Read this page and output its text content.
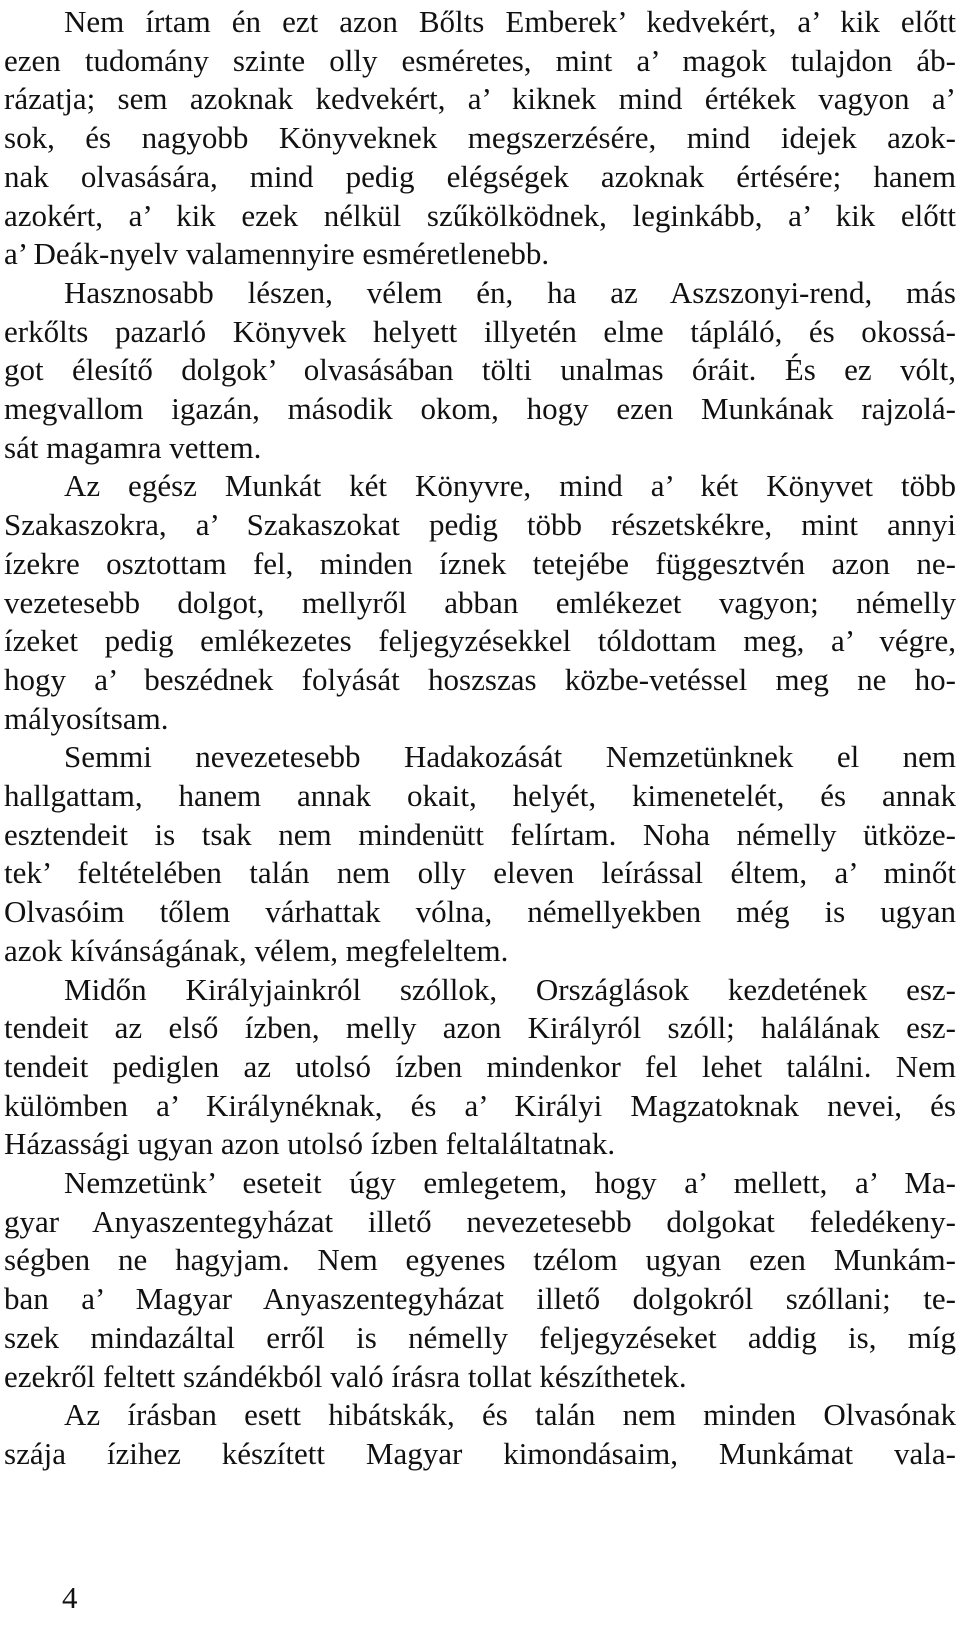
Nem írtam én ezt azon Bőlts Emberek’ kedvekért, a’ kik előtt
ezen tudomány szinte olly esméretes, mint a’ magok tulajdon áb-
rázatja; sem azoknak kedvekért, a’ kiknek mind értékek vagyon a’
sok, és nagyobb Könyveknek megszerzésére, mind idejek azok-
nak olvasására, mind pedig elégségek azoknak értésére; hanem
azokért, a’ kik ezek nélkül szűkölködnek, leginkább, a’ kik előtt
a’ Deák-nyelv valamennyire esméretlenebb.
Hasznosabb lészen, vélem én, ha az Aszszonyi-rend, más
erkőlts pazarló Könyvek helyett illyetén elme tápláló, és okossá-
got élesítő dolgok’ olvasásában tölti unalmas óráit. És ez vólt,
megvallom igazán, második okom, hogy ezen Munkának rajzolá-
sát magamra vettem.
Az egész Munkát két Könyvre, mind a’ két Könyvet több
Szakaszokra, a’ Szakaszokat pedig több részetskékre, mint annyi
ízekre osztottam fel, minden íznek tetejébe függesztvén azon ne-
vezetesebb dolgot, mellyről abban emlékezet vagyon; némelly
ízeket pedig emlékezetes feljegyzésekkel tóldottam meg, a’ végre,
hogy a’ beszédnek folyását hoszszas közbe-vetéssel meg ne ho-
mályosítsam.
Semmi nevezetesebb Hadakozását Nemzetünknek el nem
hallgattam, hanem annak okait, helyét, kimenetelét, és annak
esztendeit is tsak nem mindenütt felírtam. Noha némelly ütköze-
tek’ feltételében talán nem olly eleven leírással éltem, a’ minőt
Olvasóim tőlem várhattak vólna, némellyekben még is ugyan
azok kívánságának, vélem, megfeleltem.
Midőn Királyjainkról szóllok, Országlások kezdetének esz-
tendeit az első ízben, melly azon Királyról szóll; halálának esz-
tendeit pediglen az utolsó ízben mindenkor fel lehet találni. Nem
külömben a’ Királynéknak, és a’ Királyi Magzatoknak nevei, és
Házassági ugyan azon utolsó ízben feltaláltatnak.
Nemzetünk’ eseteit úgy emlegetem, hogy a’ mellett, a’ Ma-
gyar Anyaszentegyházat illető nevezetesebb dolgokat feledékeny-
ségben ne hagyjam. Nem egyenes tzélom ugyan ezen Munkám-
ban a’ Magyar Anyaszentegyházat illető dolgokról szóllani; te-
szek mindazáltal erről is némelly feljegyzéseket addig is, míg
ezekről feltett szándékból való írásra tollat készíthetek.
Az írásban esett hibátskák, és talán nem minden Olvasónak
szája ízihez készített Magyar kimondásaim, Munkámat vala-
4
